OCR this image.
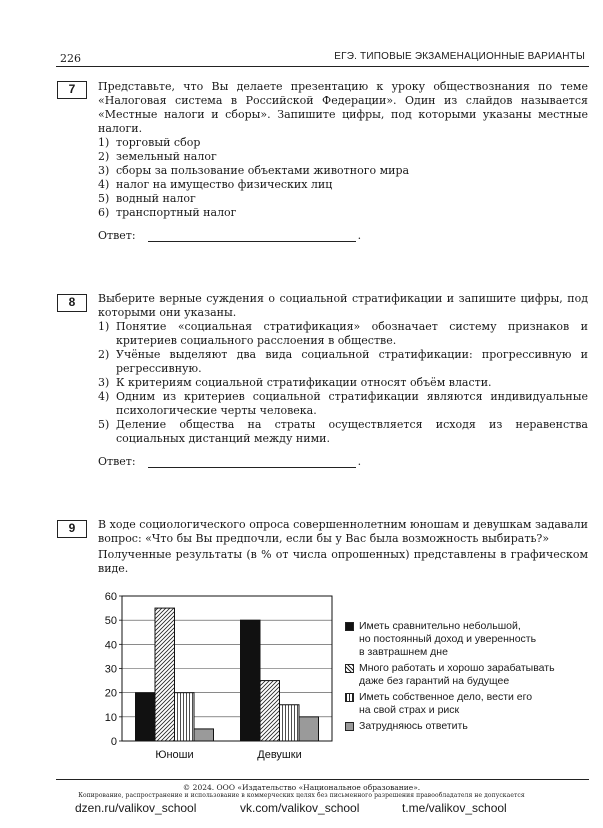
226	ЕГЭ. ТИПОВЫЕ ЭКЗАМЕНАЦИОННЫЕ ВАРИАНТЫ
7	Представьте, что Вы делаете презентацию к уроку обществознания по теме «Налоговая система в Российской Федерации». Один из слайдов называется «Местные налоги и сборы». Запишите цифры, под которыми указаны местные налоги.
1) торговый сбор
2) земельный налог
3) сборы за пользование объектами животного мира
4) налог на имущество физических лиц
5) водный налог
6) транспортный налог
Ответ:	.
8	Выберите верные суждения о социальной стратификации и запишите цифры, под которыми они указаны.
1) Понятие «социальная стратификация» обозначает систему признаков и критериев социального расслоения в обществе.
2) Учёные выделяют два вида социальной стратификации: прогрессивную и регрессивную.
3) К критериям социальной стратификации относят объём власти.
4) Одним из критериев социальной стратификации являются индивидуальные психологические черты человека.
5) Деление общества на страты осуществляется исходя из неравенства социальных дистанций между ними.
Ответ:	.
9	В ходе социологического опроса совершеннолетним юношам и девушкам задавали вопрос: «Что бы Вы предпочли, если бы у Вас была возможность выбирать?»
Полученные результаты (в % от числа опрошенных) представлены в графическом виде.
0
10
20
30
40
50
60
Юноши	Девушки
Иметь сравнительно небольшой,
но постоянный доход и уверенность
в завтрашнем дне
Много работать и хорошо зарабатывать
даже без гарантий на будущее
Иметь собственное дело, вести его
на свой страх и риск
Затрудняюсь ответить
© 2024. ООО «Издательство «Национальное образование».
Копирование, распространение и использование в коммерческих целях без письменного разрешения правообладателя не допускается
dzen.ru/valikov_school	vk.com/valikov_school	t.me/valikov_school
